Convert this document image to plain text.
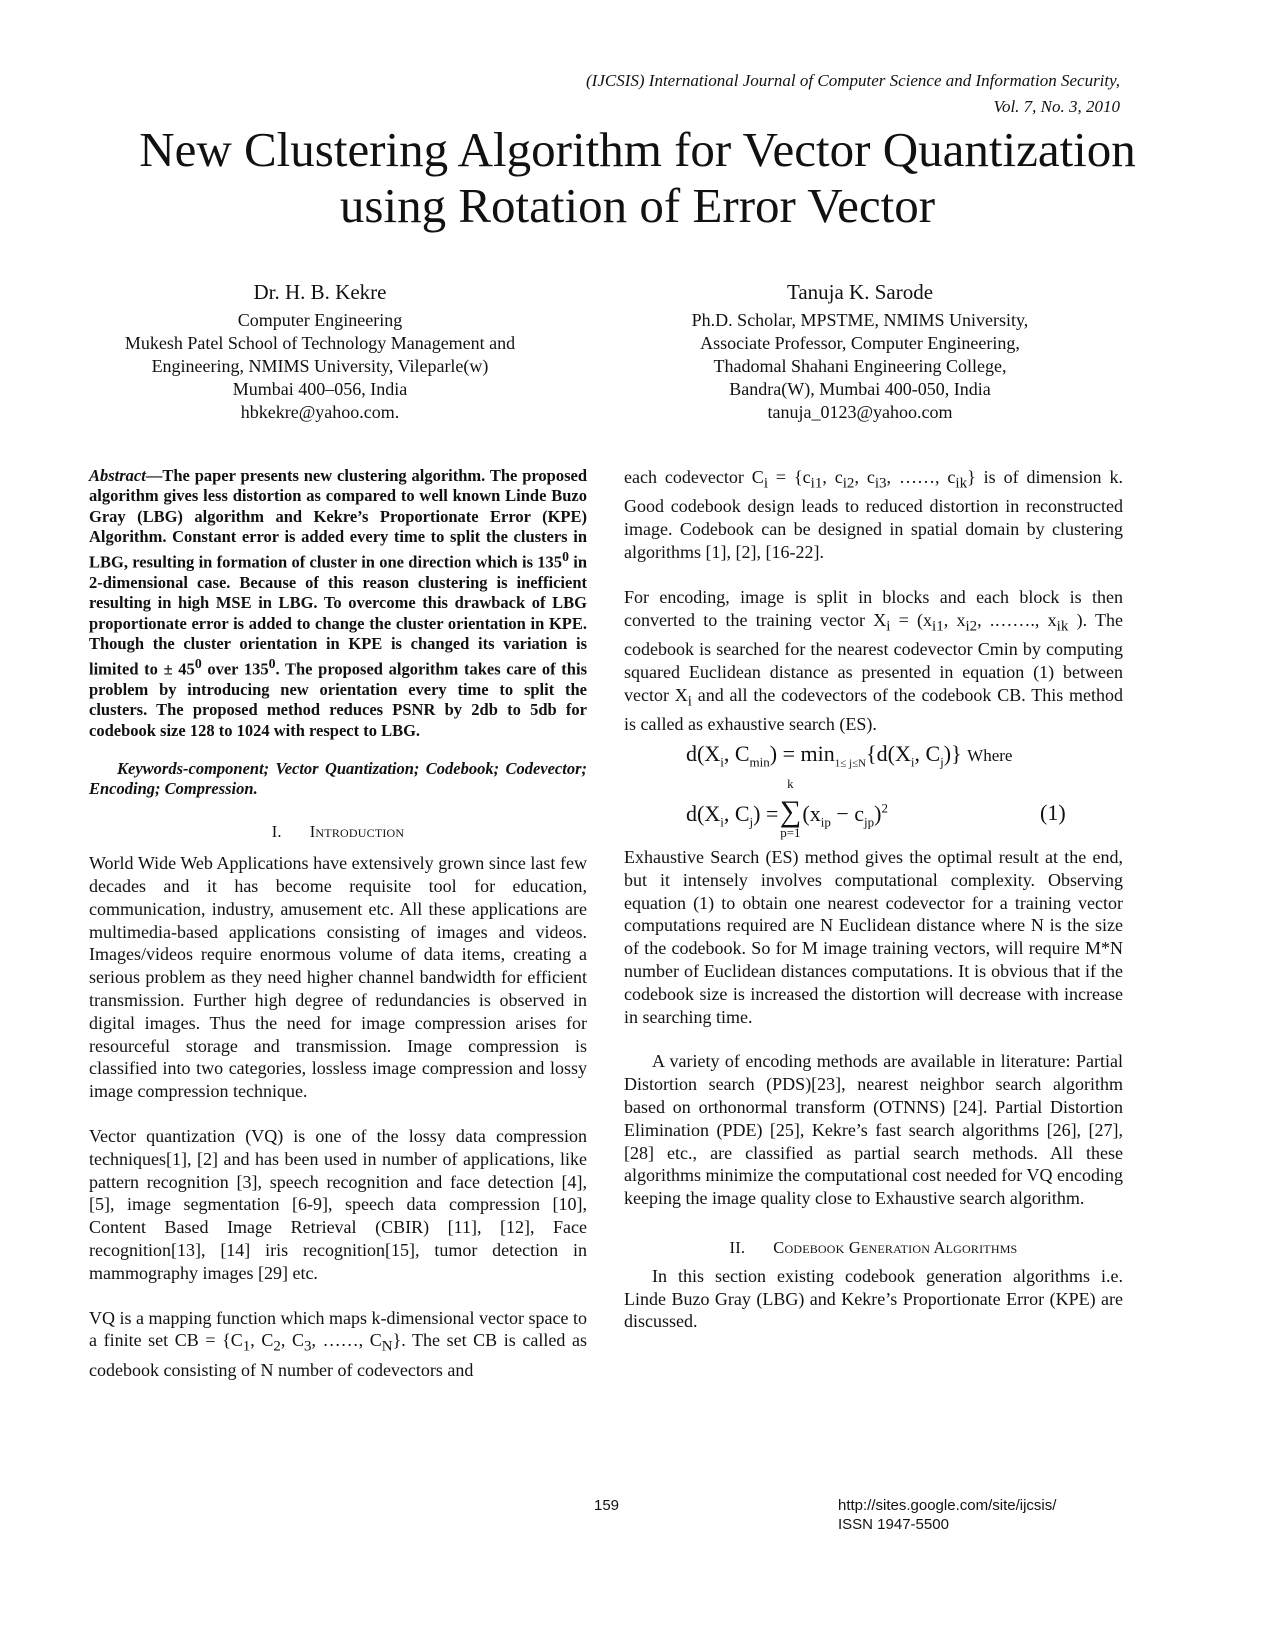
(IJCSIS) International Journal of Computer Science and Information Security,
Vol. 7, No. 3, 2010
New Clustering Algorithm for Vector Quantization
using Rotation of Error Vector
Dr. H. B. Kekre
Computer Engineering
Mukesh Patel School of Technology Management and
Engineering, NMIMS University, Vileparle(w)
Mumbai 400–056, India
hbkekre@yahoo.com.
Tanuja K. Sarode
Ph.D. Scholar, MPSTME, NMIMS University,
Associate Professor, Computer Engineering,
Thadomal Shahani Engineering College,
Bandra(W), Mumbai 400-050, India
tanuja_0123@yahoo.com

Abstract—The paper presents new clustering algorithm. The proposed algorithm gives less distortion as compared to well known Linde Buzo Gray (LBG) algorithm and Kekre’s Proportionate Error (KPE) Algorithm. Constant error is added every time to split the clusters in LBG, resulting in formation of cluster in one direction which is $135^0$ in 2-dimensional case. Because of this reason clustering is inefficient resulting in high MSE in LBG. To overcome this drawback of LBG proportionate error is added to change the cluster orientation in KPE. Though the cluster orientation in KPE is changed its variation is limited to ± $45^0$ over $135^0$. The proposed algorithm takes care of this problem by introducing new orientation every time to split the clusters. The proposed method reduces PSNR by 2db to 5db for codebook size 128 to 1024 with respect to LBG.

Keywords-component; Vector Quantization; Codebook; Codevector; Encoding; Compression.

I. Introduction

World Wide Web Applications have extensively grown since last few decades and it has become requisite tool for education, communication, industry, amusement etc. All these applications are multimedia-based applications consisting of images and videos. Images/videos require enormous volume of data items, creating a serious problem as they need higher channel bandwidth for efficient transmission. Further high degree of redundancies is observed in digital images. Thus the need for image compression arises for resourceful storage and transmission. Image compression is classified into two categories, lossless image compression and lossy image compression technique.

Vector quantization (VQ) is one of the lossy data compression techniques[1], [2] and has been used in number of applications, like pattern recognition [3], speech recognition and face detection [4], [5], image segmentation [6-9], speech data compression [10], Content Based Image Retrieval (CBIR) [11], [12], Face recognition[13], [14] iris recognition[15], tumor detection in mammography images [29] etc.

VQ is a mapping function which maps k-dimensional vector space to a finite set CB = {$C_1$, $C_2$, $C_3$, ……, $C_N$}. The set CB is called as codebook consisting of N number of codevectors and

each codevector $C_i = \{c_{i1}$, $c_{i2}$, $c_{i3}$, ……, $c_{ik}$} is of dimension k. Good codebook design leads to reduced distortion in reconstructed image. Codebook can be designed in spatial domain by clustering algorithms [1], [2], [16-22].

For encoding, image is split in blocks and each block is then converted to the training vector $X_i = (x_{i1}$, $x_{i2}$, .……., $x_{ik}$ ). The codebook is searched for the nearest codevector Cmin by computing squared Euclidean distance as presented in equation (1) between vector $X_i$ and all the codevectors of the codebook CB. This method is called as exhaustive search (ES).

$d(X_i$, $C_{min}) = \min_{1\le j\le N}\{d(X_i$, $C_j$)} Where
$d(X_i$, $C_j$) =
k
∑
p=1
$(x_{ip} - c_{jp})^2$	(1)

Exhaustive Search (ES) method gives the optimal result at the end, but it intensely involves computational complexity. Observing equation (1) to obtain one nearest codevector for a training vector computations required are N Euclidean distance where N is the size of the codebook. So for M image training vectors, will require M*N number of Euclidean distances computations. It is obvious that if the codebook size is increased the distortion will decrease with increase in searching time.

A variety of encoding methods are available in literature: Partial Distortion search (PDS)[23], nearest neighbor search algorithm based on orthonormal transform (OTNNS) [24]. Partial Distortion Elimination (PDE) [25], Kekre’s fast search algorithms [26], [27], [28] etc., are classified as partial search methods. All these algorithms minimize the computational cost needed for VQ encoding keeping the image quality close to Exhaustive search algorithm.

II. Codebook Generation Algorithms

In this section existing codebook generation algorithms i.e. Linde Buzo Gray (LBG) and Kekre’s Proportionate Error (KPE) are discussed.

159	http://sites.google.com/site/ijcsis/
ISSN 1947-5500
